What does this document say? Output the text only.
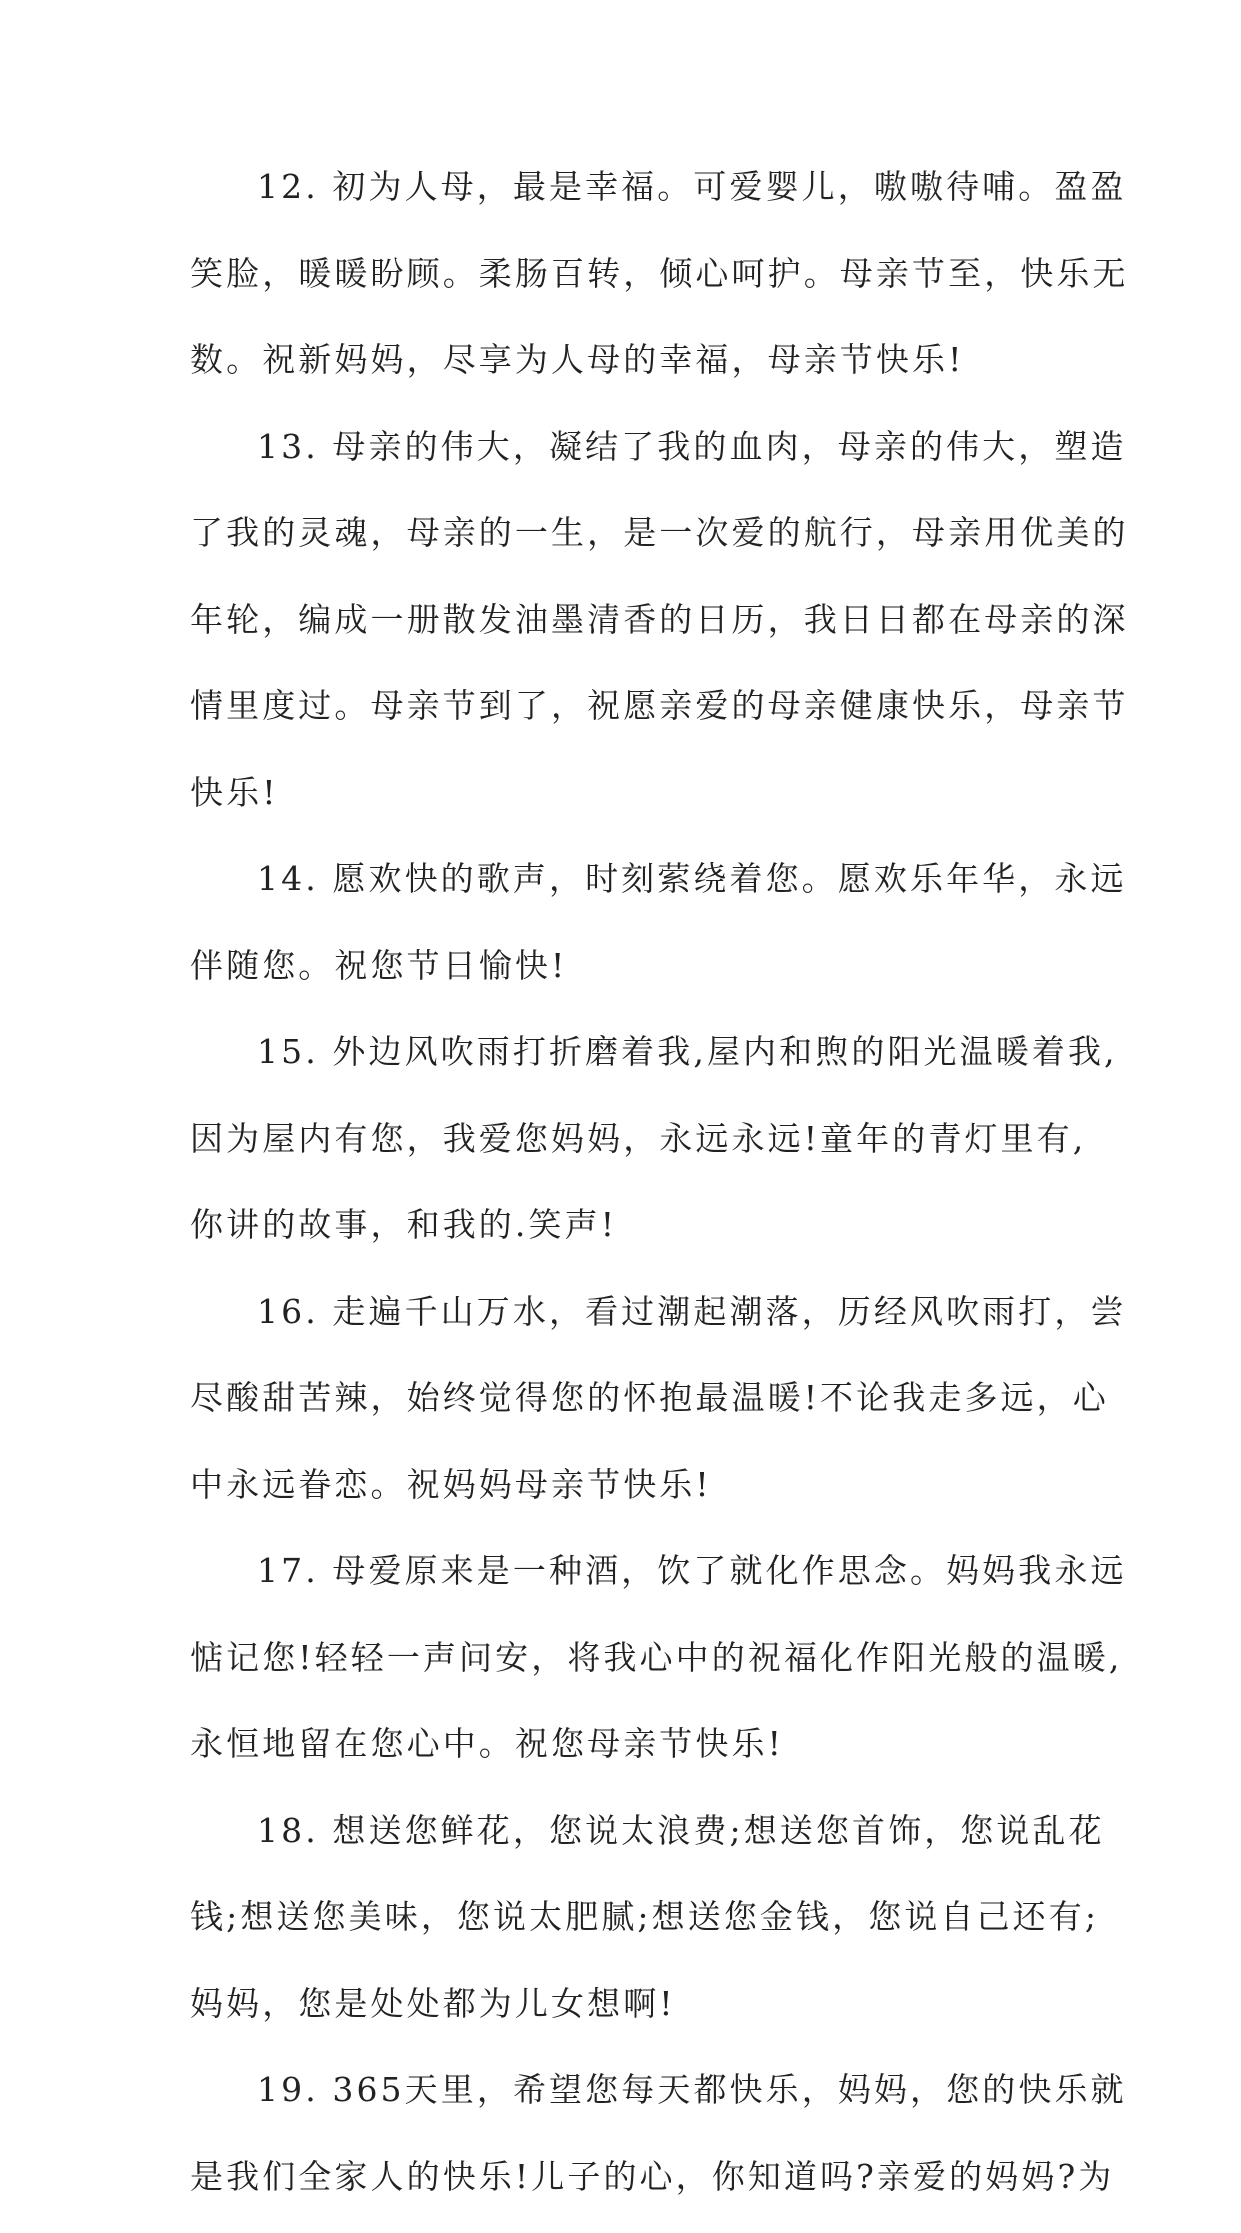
12. 初为人母，最是幸福。可爱婴儿，嗷嗷待哺。盈盈
笑脸，暖暖盼顾。柔肠百转，倾心呵护。母亲节至，快乐无
数。祝新妈妈，尽享为人母的幸福，母亲节快乐!
13. 母亲的伟大，凝结了我的血肉，母亲的伟大，塑造
了我的灵魂，母亲的一生，是一次爱的航行，母亲用优美的
年轮，编成一册散发油墨清香的日历，我日日都在母亲的深
情里度过。母亲节到了，祝愿亲爱的母亲健康快乐，母亲节
快乐!
14. 愿欢快的歌声，时刻萦绕着您。愿欢乐年华，永远
伴随您。祝您节日愉快!
15. 外边风吹雨打折磨着我,屋内和煦的阳光温暖着我,
因为屋内有您，我爱您妈妈，永远永远!童年的青灯里有,
你讲的故事，和我的.笑声!
16. 走遍千山万水，看过潮起潮落，历经风吹雨打，尝
尽酸甜苦辣，始终觉得您的怀抱最温暖!不论我走多远，心
中永远眷恋。祝妈妈母亲节快乐!
17. 母爱原来是一种酒，饮了就化作思念。妈妈我永远
惦记您!轻轻一声问安，将我心中的祝福化作阳光般的温暖,
永恒地留在您心中。祝您母亲节快乐!
18. 想送您鲜花，您说太浪费;想送您首饰，您说乱花
钱;想送您美味，您说太肥腻;想送您金钱，您说自己还有;
妈妈，您是处处都为儿女想啊!
19. 365天里，希望您每天都快乐，妈妈，您的快乐就
是我们全家人的快乐!儿子的心，你知道吗?亲爱的妈妈?为
